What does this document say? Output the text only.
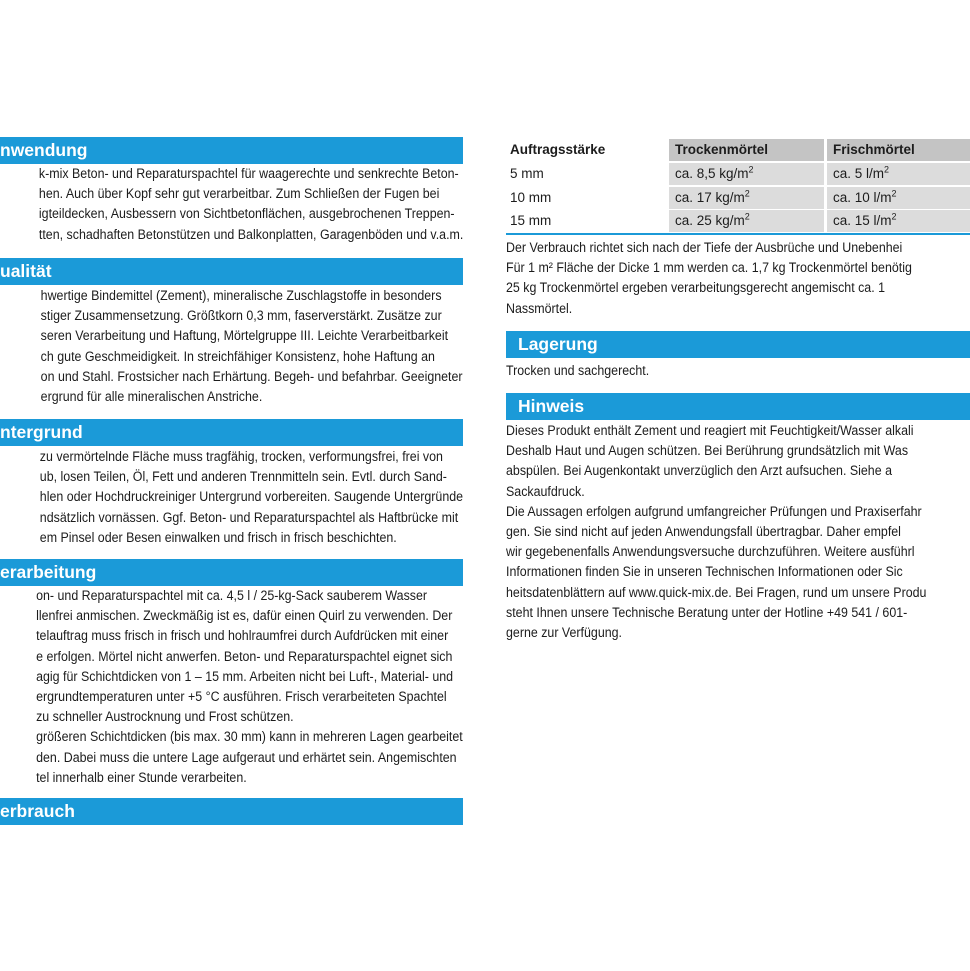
nwendung
k-mix Beton- und Reparaturspachtel für waagerechte und senkrechte Beton-
hen. Auch über Kopf sehr gut verarbeitbar. Zum Schließen der Fugen bei
igteildecken, Ausbessern von Sichtbetonflächen, ausgebrochenen Treppen-
tten, schadhaften Betonstützen und Balkonplatten, Garagenböden und v.a.m.
ualität
hwertige Bindemittel (Zement), mineralische Zuschlagstoffe in besonders
stiger Zusammensetzung. Größtkorn 0,3 mm, faserverstärkt. Zusätze zur
seren Verarbeitung und Haftung, Mörtelgruppe III. Leichte Verarbeitbarkeit
ch gute Geschmeidigkeit. In streichfähiger Konsistenz, hohe Haftung an
on und Stahl. Frostsicher nach Erhärtung. Begeh- und befahrbar. Geeigneter
ergrund für alle mineralischen Anstriche.
ntergrund
zu vermörtelnde Fläche muss tragfähig, trocken, verformungsfrei, frei von
ub, losen Teilen, Öl, Fett und anderen Trennmitteln sein. Evtl. durch Sand-
hlen oder Hochdruckreiniger Untergrund vorbereiten. Saugende Untergründe
ndsätzlich vornässen. Ggf. Beton- und Reparaturspachtel als Haftbrücke mit
em Pinsel oder Besen einwalken und frisch in frisch beschichten.
erarbeitung
on- und Reparaturspachtel mit ca. 4,5 l / 25-kg-Sack sauberem Wasser
llenfrei anmischen. Zweckmäßig ist es, dafür einen Quirl zu verwenden. Der
telauftrag muss frisch in frisch und hohlraumfrei durch Aufdrücken mit einer
e erfolgen. Mörtel nicht anwerfen. Beton- und Reparaturspachtel eignet sich
agig für Schichtdicken von 1 – 15 mm. Arbeiten nicht bei Luft-, Material- und
ergrundtemperaturen unter +5 °C ausführen. Frisch verarbeiteten Spachtel
zu schneller Austrocknung und Frost schützen.
größeren Schichtdicken (bis max. 30 mm) kann in mehreren Lagen gearbeitet
den. Dabei muss die untere Lage aufgeraut und erhärtet sein. Angemischten
tel innerhalb einer Stunde verarbeiten.
erbrauch
Auftragsstärke	Trockenmörtel	Frischmörtel
5 mm	ca. 8,5 $kg/m^2$	ca. 5 $l/m^2$
10 mm	ca. 17 $kg/m^2$	ca. 10 $l/m^2$
15 mm	ca. 25 $kg/m^2$	ca. 15 $l/m^2$
Der Verbrauch richtet sich nach der Tiefe der Ausbrüche und Unebenhei
Für 1 m² Fläche der Dicke 1 mm werden ca. 1,7 kg Trockenmörtel benötig
25 kg Trockenmörtel ergeben verarbeitungsgerecht angemischt ca. 1
Nassmörtel.
Lagerung
Trocken und sachgerecht.
Hinweis
Dieses Produkt enthält Zement und reagiert mit Feuchtigkeit/Wasser alkali
Deshalb Haut und Augen schützen. Bei Berührung grundsätzlich mit Was
abspülen. Bei Augenkontakt unverzüglich den Arzt aufsuchen. Siehe a
Sackaufdruck.
Die Aussagen erfolgen aufgrund umfangreicher Prüfungen und Praxiserfahr
gen. Sie sind nicht auf jeden Anwendungsfall übertragbar. Daher empfel
wir gegebenenfalls Anwendungsversuche durchzuführen. Weitere ausführl
Informationen finden Sie in unseren Technischen Informationen oder Sic
heitsdatenblättern auf www.quick-mix.de. Bei Fragen, rund um unsere Produ
steht Ihnen unsere Technische Beratung unter der Hotline +49 541 / 601-
gerne zur Verfügung.
